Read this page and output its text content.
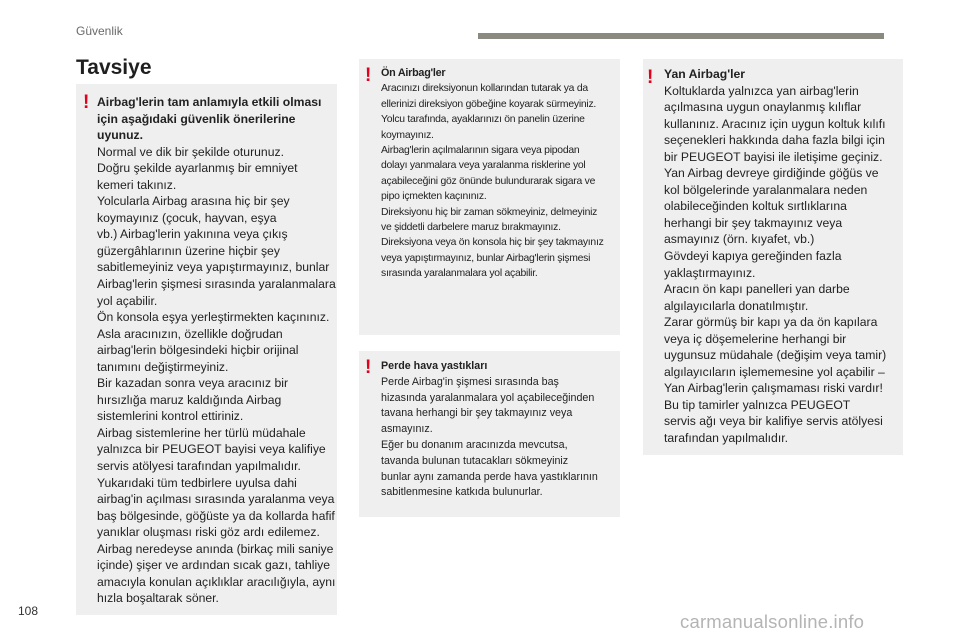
Güvenlik
Tavsiye
! Airbag'lerin tam anlamıyla etkili olması

için aşağıdaki güvenlik önerilerine

uyunuz.

Normal ve dik bir şekilde oturunuz.

Doğru şekilde ayarlanmış bir emniyet

kemeri takınız.

Yolcularla Airbag arasına hiç bir şey

koymayınız (çocuk, hayvan, eşya

vb.) Airbag'lerin yakınına veya çıkış

güzergâhlarının üzerine hiçbir şey

sabitlemeyiniz veya yapıştırmayınız, bunlar

Airbag'lerin şişmesi sırasında yaralanmalara

yol açabilir.

Ön konsola eşya yerleştirmekten kaçınınız.

Asla aracınızın, özellikle doğrudan

airbag'lerin bölgesindeki hiçbir orijinal

tanımını değiştirmeyiniz.

Bir kazadan sonra veya aracınız bir

hırsızlığa maruz kaldığında Airbag

sistemlerini kontrol ettiriniz.

Airbag sistemlerine her türlü müdahale

yalnızca bir PEUGEOT bayisi veya kalifiye

servis atölyesi tarafından yapılmalıdır.

Yukarıdaki tüm tedbirlere uyulsa dahi

airbag'in açılması sırasında yaralanma veya

baş bölgesinde, göğüste ya da kollarda hafif

yanıklar oluşması riski göz ardı edilemez.

Airbag neredeyse anında (birkaç mili saniye

içinde) şişer ve ardından sıcak gazı, tahliye

amacıyla konulan açıklıklar aracılığıyla, aynı

hızla boşaltarak söner.

! Ön Airbag'ler

Aracınızı direksiyonun kollarından tutarak ya da

ellerinizi direksiyon göbeğine koyarak sürmeyiniz.

Yolcu tarafında, ayaklarınızı ön panelin üzerine

koymayınız.

Airbag'lerin açılmalarının sigara veya pipodan

dolayı yanmalara veya yaralanma risklerine yol

açabileceğini göz önünde bulundurarak sigara ve

pipo içmekten kaçınınız.

Direksiyonu hiç bir zaman sökmeyiniz, delmeyiniz

ve şiddetli darbelere maruz bırakmayınız.

Direksiyona veya ön konsola hiç bir şey takmayınız

veya yapıştırmayınız, bunlar Airbag'lerin şişmesi

sırasında yaralanmalara yol açabilir.

! Perde hava yastıkları

Perde Airbag'in şişmesi sırasında baş

hizasında yaralanmalara yol açabileceğinden

tavana herhangi bir şey takmayınız veya

asmayınız.

Eğer bu donanım aracınızda mevcutsa,

tavanda bulunan tutacakları sökmeyiniz

bunlar aynı zamanda perde hava yastıklarının

sabitlenmesine katkıda bulunurlar.

! Yan Airbag'ler

Koltuklarda yalnızca yan airbag'lerin

açılmasına uygun onaylanmış kılıflar

kullanınız. Aracınız için uygun koltuk kılıfı

seçenekleri hakkında daha fazla bilgi için

bir PEUGEOT bayisi ile iletişime geçiniz.

Yan Airbag devreye girdiğinde göğüs ve

kol bölgelerinde yaralanmalara neden

olabileceğinden koltuk sırtlıklarına

herhangi bir şey takmayınız veya

asmayınız (örn. kıyafet, vb.)

Gövdeyi kapıya gereğinden fazla

yaklaştırmayınız.

Aracın ön kapı panelleri yan darbe

algılayıcılarla donatılmıştır.

Zarar görmüş bir kapı ya da ön kapılara

veya iç döşemelerine herhangi bir

uygunsuz müdahale (değişim veya tamir)

algılayıcıların işlememesine yol açabilir –

Yan Airbag'lerin çalışmaması riski vardır!

Bu tip tamirler yalnızca PEUGEOT

servis ağı veya bir kalifiye servis atölyesi

tarafından yapılmalıdır.

108	carmanualsonline.info
